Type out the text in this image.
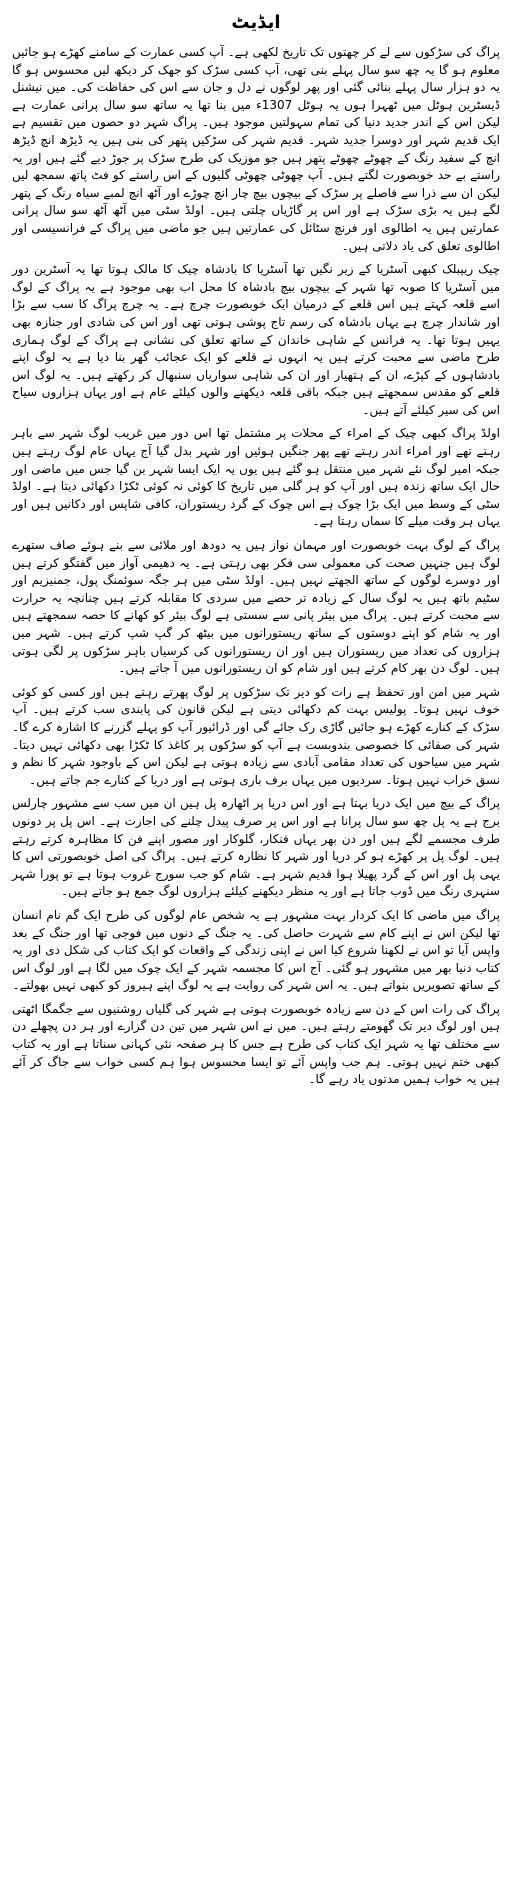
ایڈیٹ

پراگ کی سڑکوں سے لے کر چھتوں تک تاریخ لکھی ہے۔ آپ کسی عمارت کے سامنے کھڑے ہو جائیں معلوم ہو گا یہ چھ سو سال پہلے بنی تھی، آپ کسی سڑک کو جھک کر دیکھ لیں محسوس ہو گا یہ دو ہزار سال پہلے بنائی گئی اور پھر لوگوں نے دل و جان سے اس کی حفاظت کی۔ میں نیشنل ڈیسٹرین ہوٹل میں ٹھہرا ہوں یہ ہوٹل 1307ء میں بنا تھا یہ ساتھ سو سال پرانی عمارت ہے لیکن اس کے اندر جدید دنیا کی تمام سہولتیں موجود ہیں۔ پراگ شہر دو حصوں میں تقسیم ہے ایک قدیم شہر اور دوسرا جدید شہر۔ قدیم شہر کی سڑکیں پتھر کی بنی ہیں یہ ڈیڑھ انچ ڈیڑھ انچ کے سفید رنگ کے چھوٹے چھوٹے پتھر ہیں جو موزیک کی طرح سڑک پر جوڑ دیے گئے ہیں اور یہ راستے بے حد خوبصورت لگتے ہیں۔ آپ چھوٹی چھوٹی گلیوں کے اس راستے کو فٹ پاتھ سمجھ لیں لیکن ان سے ذرا سے فاصلے پر سڑک کے بیچوں بیچ چار انچ چوڑے اور آٹھ انچ لمبے سیاہ رنگ کے پتھر لگے ہیں یہ بڑی سڑک ہے اور اس پر گاڑیاں چلتی ہیں۔ اولڈ سٹی میں آٹھ آٹھ سو سال پرانی عمارتیں ہیں یہ اطالوی اور فرنچ سٹائل کی عمارتیں ہیں جو ماضی میں پراگ کے فرانسیسی اور اطالوی تعلق کی یاد دلاتی ہیں۔

چیک ریپبلک کبھی آسٹریا کے زیر نگیں تھا آسٹریا کا بادشاہ چیک کا مالک ہوتا تھا یہ آسٹرین دور میں آسٹریا کا صوبہ تھا شہر کے بیچوں بیچ بادشاہ کا محل اب بھی موجود ہے یہ پراگ کے لوگ اسے قلعہ کہتے ہیں اس قلعے کے درمیان ایک خوبصورت چرچ ہے۔ یہ چرچ پراگ کا سب سے بڑا اور شاندار چرچ ہے یہاں بادشاہ کی رسم تاج پوشی ہوتی تھی اور اس کی شادی اور جنازہ بھی یہیں ہوتا تھا۔ یہ فرانس کے شاہی خاندان کے ساتھ تعلق کی نشانی ہے پراگ کے لوگ ہماری طرح ماضی سے محبت کرتے ہیں یہ انہوں نے قلعے کو ایک عجائب گھر بنا دیا ہے یہ لوگ اپنے بادشاہوں کے کپڑے، ان کے ہتھیار اور ان کی شاہی سواریاں سنبھال کر رکھتے ہیں۔ یہ لوگ اس قلعے کو مقدس سمجھتے ہیں جبکہ باقی قلعہ دیکھنے والوں کیلئے عام ہے اور یہاں ہزاروں سیاح اس کی سیر کیلئے آتے ہیں۔

اولڈ پراگ کبھی چیک کے امراء کے محلات پر مشتمل تھا اس دور میں غریب لوگ شہر سے باہر رہتے تھے اور امراء اندر رہتے تھے پھر جنگیں ہوئیں اور شہر بدل گیا آج یہاں عام لوگ رہتے ہیں جبکہ امیر لوگ نئے شہر میں منتقل ہو گئے ہیں یوں یہ ایک ایسا شہر بن گیا جس میں ماضی اور حال ایک ساتھ زندہ ہیں اور آپ کو ہر گلی میں تاریخ کا کوئی نہ کوئی ٹکڑا دکھائی دیتا ہے۔ اولڈ سٹی کے وسط میں ایک بڑا چوک ہے اس چوک کے گرد ریستوران، کافی شاپس اور دکانیں ہیں اور یہاں ہر وقت میلے کا سماں رہتا ہے۔

پراگ کے لوگ بہت خوبصورت اور مہمان نواز ہیں یہ دودھ اور ملائی سے بنے ہوئے صاف ستھرے لوگ ہیں جنہیں صحت کی معمولی سی فکر بھی رہتی ہے۔ یہ دھیمی آواز میں گفتگو کرتے ہیں اور دوسرے لوگوں کے ساتھ الجھتے نہیں ہیں۔ اولڈ سٹی میں ہر جگہ سوئمنگ پول، جمنیزیم اور سٹیم باتھ ہیں یہ لوگ سال کے زیادہ تر حصے میں سردی کا مقابلہ کرتے ہیں چنانچہ یہ حرارت سے محبت کرتے ہیں۔ پراگ میں بیئر پانی سے سستی ہے لوگ بیئر کو کھانے کا حصہ سمجھتے ہیں اور یہ شام کو اپنے دوستوں کے ساتھ ریستورانوں میں بیٹھ کر گپ شپ کرتے ہیں۔ شہر میں ہزاروں کی تعداد میں ریستوران ہیں اور ان ریستورانوں کی کرسیاں باہر سڑکوں پر لگی ہوتی ہیں۔ لوگ دن بھر کام کرتے ہیں اور شام کو ان ریستورانوں میں آ جاتے ہیں۔

شہر میں امن اور تحفظ ہے رات کو دیر تک سڑکوں پر لوگ پھرتے رہتے ہیں اور کسی کو کوئی خوف نہیں ہوتا۔ پولیس بہت کم دکھائی دیتی ہے لیکن قانون کی پابندی سب کرتے ہیں۔ آپ سڑک کے کنارے کھڑے ہو جائیں گاڑی رک جائے گی اور ڈرائیور آپ کو پہلے گزرنے کا اشارہ کرے گا۔ شہر کی صفائی کا خصوصی بندوبست ہے آپ کو سڑکوں پر کاغذ کا ٹکڑا بھی دکھائی نہیں دیتا۔ شہر میں سیاحوں کی تعداد مقامی آبادی سے زیادہ ہوتی ہے لیکن اس کے باوجود شہر کا نظم و نسق خراب نہیں ہوتا۔ سردیوں میں یہاں برف باری ہوتی ہے اور دریا کے کنارے جم جاتے ہیں۔

پراگ کے بیچ میں ایک دریا بہتا ہے اور اس دریا پر اٹھارہ پل ہیں ان میں سب سے مشہور چارلس برج ہے یہ پل چھ سو سال پرانا ہے اور اس پر صرف پیدل چلنے کی اجازت ہے۔ اس پل پر دونوں طرف مجسمے لگے ہیں اور دن بھر یہاں فنکار، گلوکار اور مصور اپنے فن کا مظاہرہ کرتے رہتے ہیں۔ لوگ پل پر کھڑے ہو کر دریا اور شہر کا نظارہ کرتے ہیں۔ پراگ کی اصل خوبصورتی اس کا یہی پل اور اس کے گرد پھیلا ہوا قدیم شہر ہے۔ شام کو جب سورج غروب ہوتا ہے تو پورا شہر سنہری رنگ میں ڈوب جاتا ہے اور یہ منظر دیکھنے کیلئے ہزاروں لوگ جمع ہو جاتے ہیں۔

پراگ میں ماضی کا ایک کردار بہت مشہور ہے یہ شخص عام لوگوں کی طرح ایک گم نام انسان تھا لیکن اس نے اپنے کام سے شہرت حاصل کی۔ یہ جنگ کے دنوں میں فوجی تھا اور جنگ کے بعد واپس آیا تو اس نے لکھنا شروع کیا اس نے اپنی زندگی کے واقعات کو ایک کتاب کی شکل دی اور یہ کتاب دنیا بھر میں مشہور ہو گئی۔ آج اس کا مجسمہ شہر کے ایک چوک میں لگا ہے اور لوگ اس کے ساتھ تصویریں بنواتے ہیں۔ یہ اس شہر کی روایت ہے یہ لوگ اپنے ہیروز کو کبھی نہیں بھولتے۔

پراگ کی رات اس کے دن سے زیادہ خوبصورت ہوتی ہے شہر کی گلیاں روشنیوں سے جگمگا اٹھتی ہیں اور لوگ دیر تک گھومتے رہتے ہیں۔ میں نے اس شہر میں تین دن گزارے اور ہر دن پچھلے دن سے مختلف تھا یہ شہر ایک کتاب کی طرح ہے جس کا ہر صفحہ نئی کہانی سناتا ہے اور یہ کتاب کبھی ختم نہیں ہوتی۔ ہم جب واپس آئے تو ایسا محسوس ہوا ہم کسی خواب سے جاگ کر آئے ہیں یہ خواب ہمیں مدتوں یاد رہے گا۔
